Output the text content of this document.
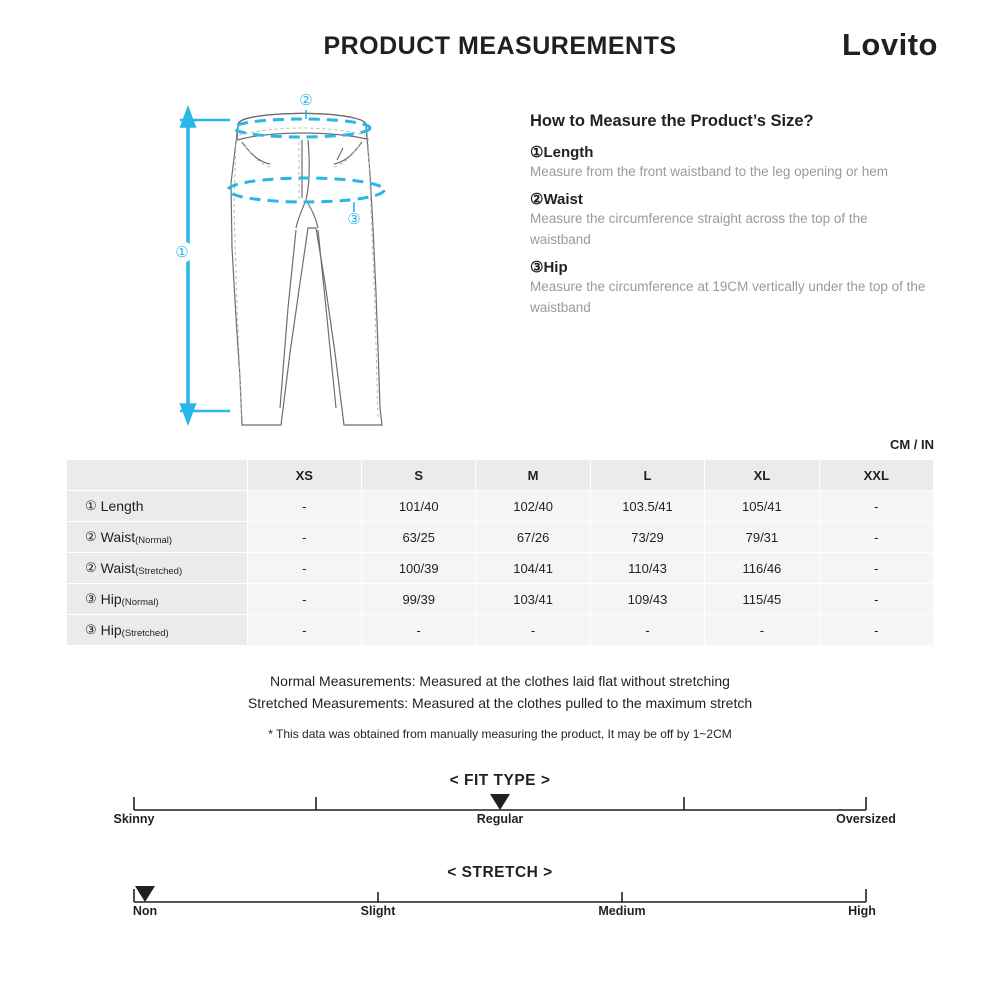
PRODUCT MEASUREMENTS	Lovito
①
②
③
How to Measure the Product’s Size?
①Length
Measure from the front waistband to the leg opening or hem
②Waist
Measure the circumference straight across the top of the waistband
③Hip
Measure the circumference at 19CM vertically under the top of the waistband
CM / IN
	XS	S	M	L	XL	XXL
① Length	-	101/40	102/40	103.5/41	105/41	-
② Waist(Normal)	-	63/25	67/26	73/29	79/31	-
② Waist(Stretched)	-	100/39	104/41	110/43	116/46	-
③ Hip(Normal)	-	99/39	103/41	109/43	115/45	-
③ Hip(Stretched)	-	-	-	-	-	-
Normal Measurements: Measured at the clothes laid flat without stretching
Stretched Measurements: Measured at the clothes pulled to the maximum stretch
* This data was obtained from manually measuring the product, It may be off by 1~2CM
< FIT TYPE >
Skinny	Regular	Oversized
< STRETCH >
Non	Slight	Medium	High
